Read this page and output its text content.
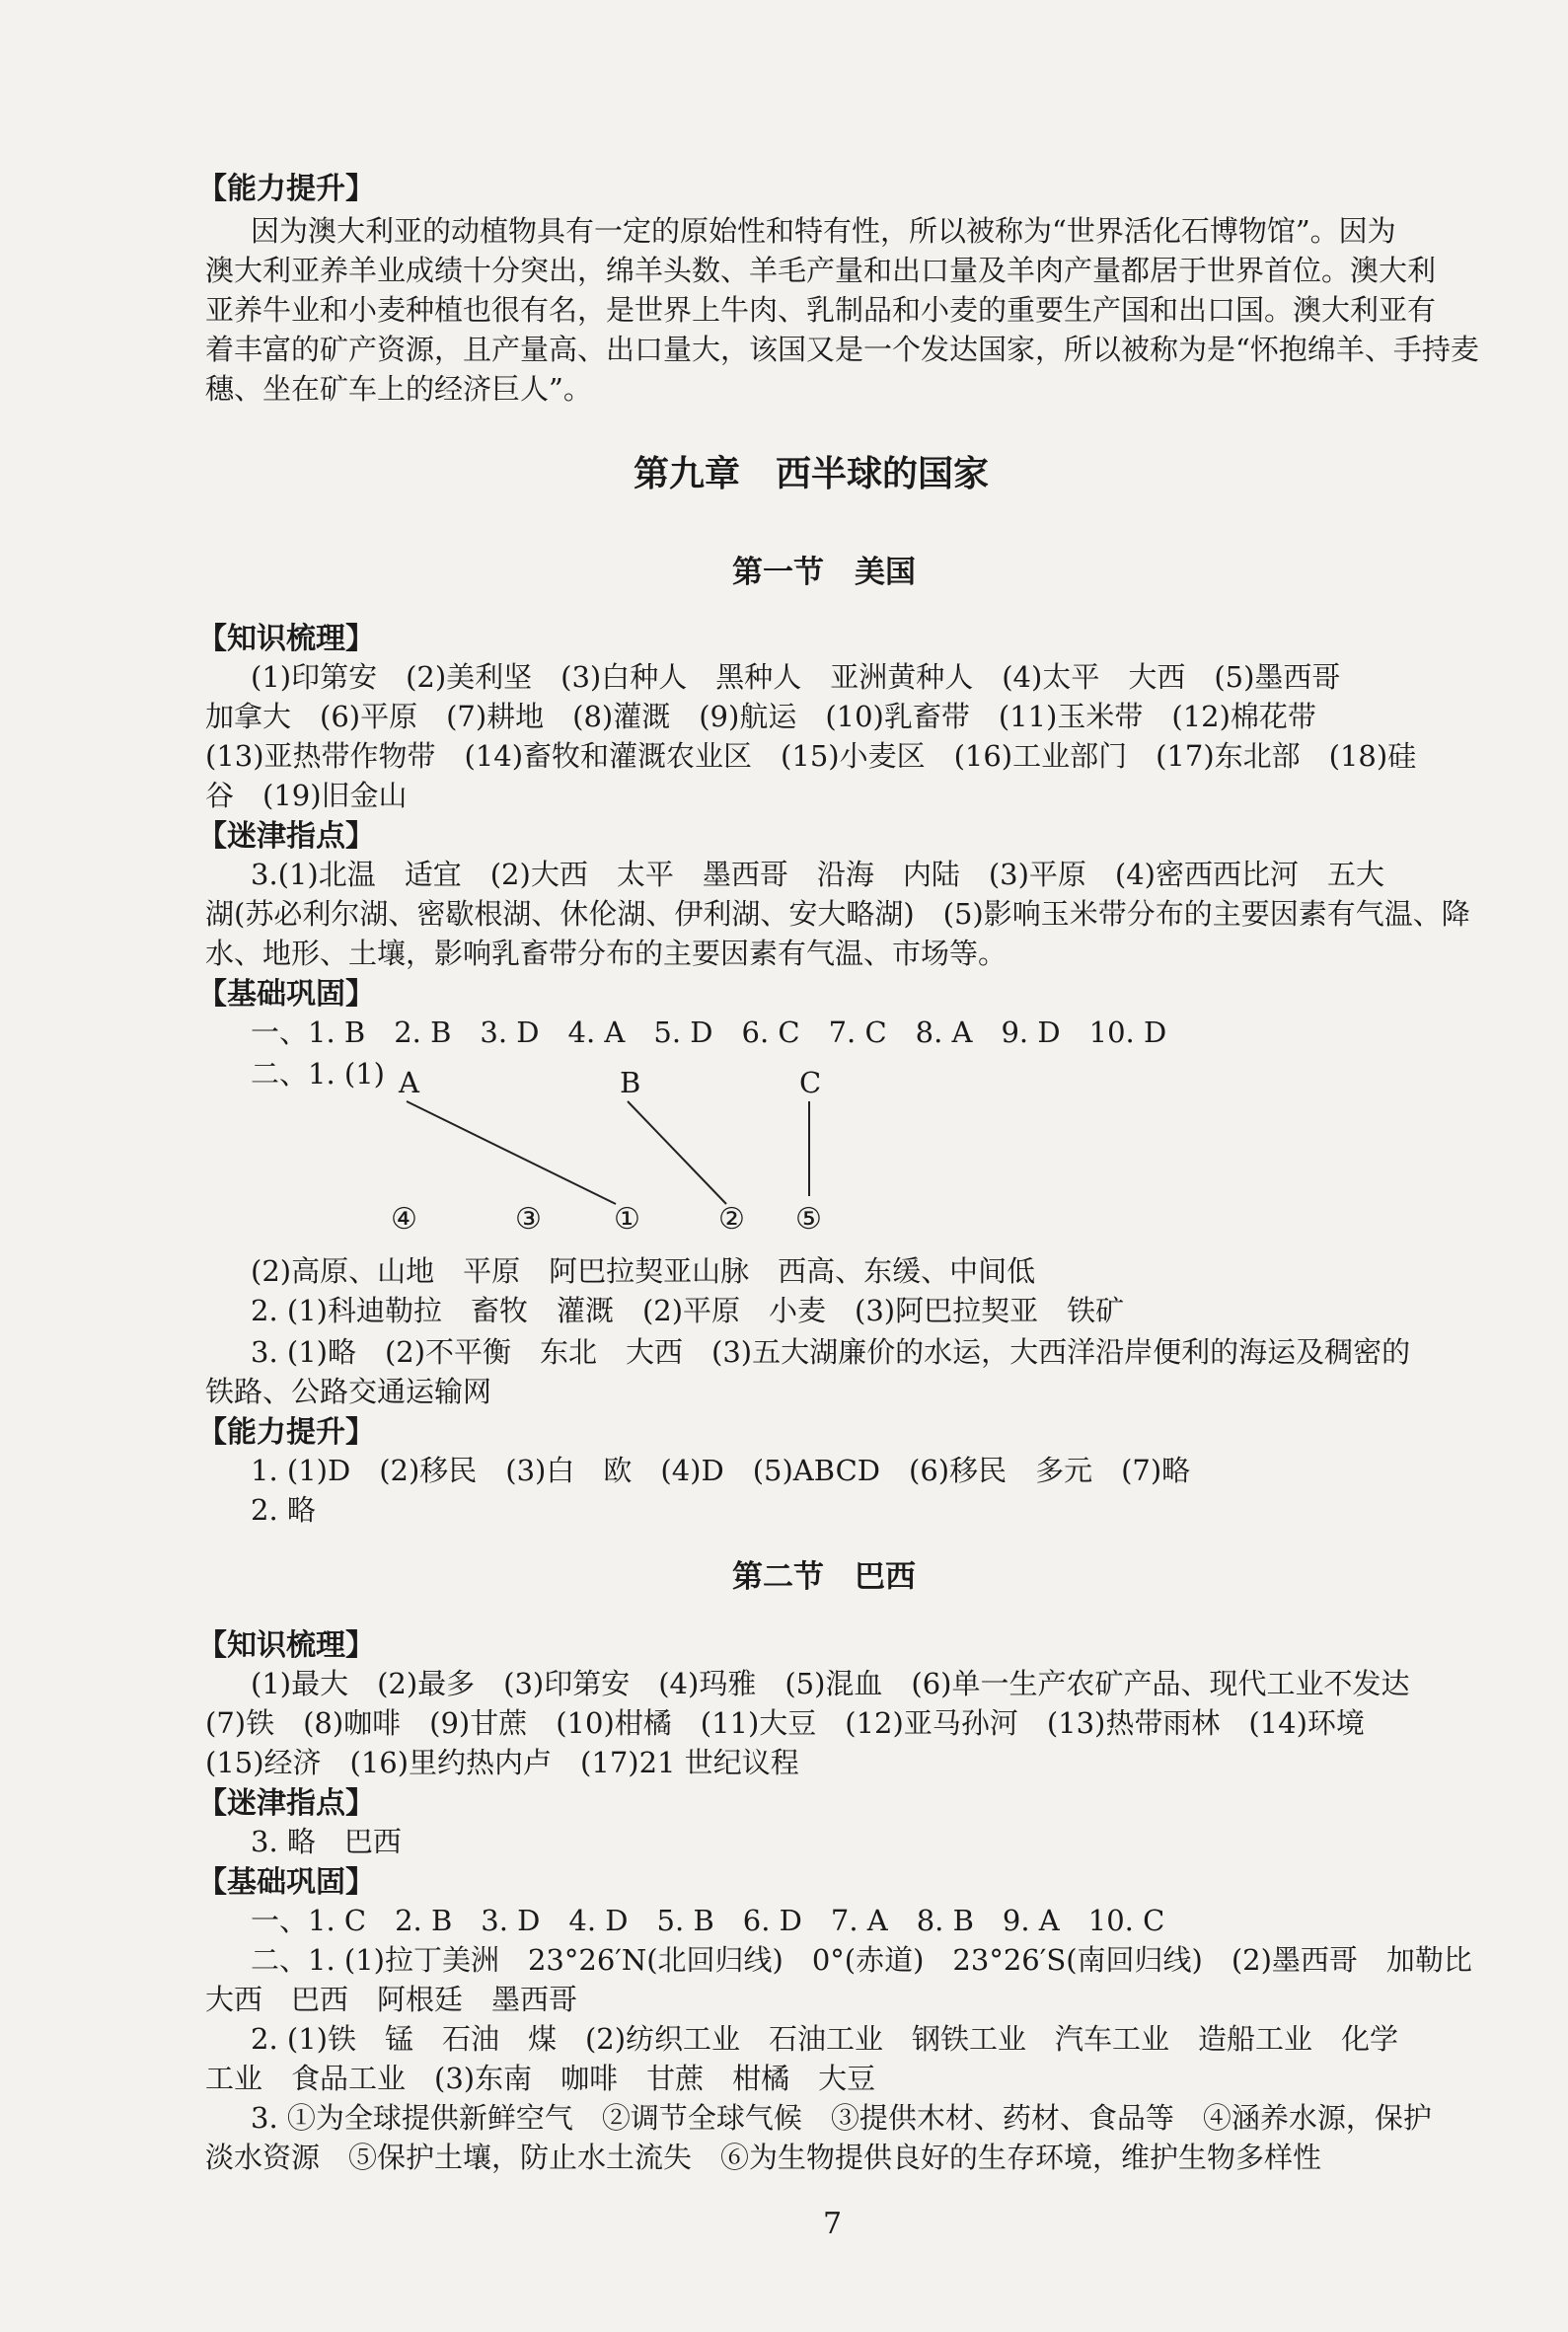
【能力提升】
因为澳大利亚的动植物具有一定的原始性和特有性，所以被称为“世界活化石博物馆”。因为
澳大利亚养羊业成绩十分突出，绵羊头数、羊毛产量和出口量及羊肉产量都居于世界首位。澳大利
亚养牛业和小麦种植也很有名，是世界上牛肉、乳制品和小麦的重要生产国和出口国。澳大利亚有
着丰富的矿产资源，且产量高、出口量大，该国又是一个发达国家，所以被称为是“怀抱绵羊、手持麦
穗、坐在矿车上的经济巨人”。
第九章　西半球的国家
第一节　美国
【知识梳理】
(1)印第安　(2)美利坚　(3)白种人　黑种人　亚洲黄种人　(4)太平　大西　(5)墨西哥
加拿大　(6)平原　(7)耕地　(8)灌溉　(9)航运　(10)乳畜带　(11)玉米带　(12)棉花带
(13)亚热带作物带　(14)畜牧和灌溉农业区　(15)小麦区　(16)工业部门　(17)东北部　(18)硅
谷　(19)旧金山
【迷津指点】
3.(1)北温　适宜　(2)大西　太平　墨西哥　沿海　内陆　(3)平原　(4)密西西比河　五大
湖(苏必利尔湖、密歇根湖、休伦湖、伊利湖、安大略湖)　(5)影响玉米带分布的主要因素有气温、降
水、地形、土壤，影响乳畜带分布的主要因素有气温、市场等。
【基础巩固】
一、1. B　2. B　3. D　4. A　5. D　6. C　7. C　8. A　9. D　10. D
二、1. (1) A	B	C
④	③ ①	② ⑤
(2)高原、山地　平原　阿巴拉契亚山脉　西高、东缓、中间低
2. (1)科迪勒拉　畜牧　灌溉　(2)平原　小麦　(3)阿巴拉契亚　铁矿
3. (1)略　(2)不平衡　东北　大西　(3)五大湖廉价的水运，大西洋沿岸便利的海运及稠密的
铁路、公路交通运输网
【能力提升】
1. (1)D　(2)移民　(3)白　欧　(4)D　(5)ABCD　(6)移民　多元　(7)略
2. 略
第二节　巴西
【知识梳理】
(1)最大　(2)最多　(3)印第安　(4)玛雅　(5)混血　(6)单一生产农矿产品、现代工业不发达
(7)铁　(8)咖啡　(9)甘蔗　(10)柑橘　(11)大豆　(12)亚马孙河　(13)热带雨林　(14)环境
(15)经济　(16)里约热内卢　(17)21 世纪议程
【迷津指点】
3. 略　巴西
【基础巩固】
一、1. C　2. B　3. D　4. D　5. B　6. D　7. A　8. B　9. A　10. C
二、1. (1)拉丁美洲　23°26′N(北回归线)　0°(赤道)　23°26′S(南回归线)　(2)墨西哥　加勒比
大西　巴西　阿根廷　墨西哥
2. (1)铁　锰　石油　煤　(2)纺织工业　石油工业　钢铁工业　汽车工业　造船工业　化学
工业　食品工业　(3)东南　咖啡　甘蔗　柑橘　大豆
3. ①为全球提供新鲜空气　②调节全球气候　③提供木材、药材、食品等　④涵养水源，保护
淡水资源　⑤保护土壤，防止水土流失　⑥为生物提供良好的生存环境，维护生物多样性
7
